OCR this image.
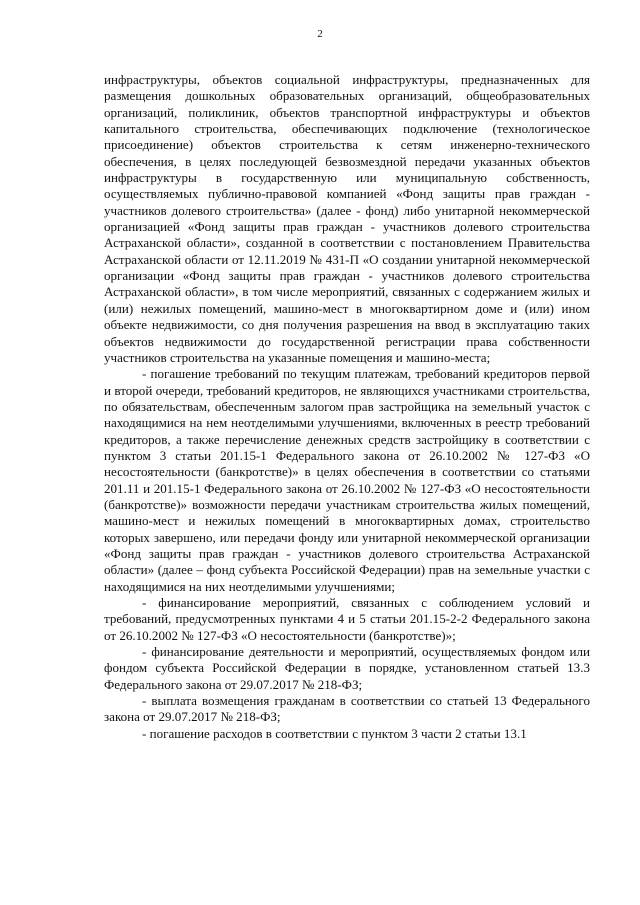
2

инфраструктуры, объектов социальной инфраструктуры, предназначенных для размещения дошкольных образовательных организаций, общеобразовательных организаций, поликлиник, объектов транспортной инфраструктуры и объектов капитального строительства, обеспечивающих подключение (технологическое присоединение) объектов строительства к сетям инженерно-технического обеспечения, в целях последующей безвозмездной передачи указанных объектов инфраструктуры в государственную или муниципальную собственность, осуществляемых публично-правовой компанией «Фонд защиты прав граждан - участников долевого строительства» (далее - фонд) либо унитарной некоммерческой организацией «Фонд защиты прав граждан - участников долевого строительства Астраханской области», созданной в соответствии с постановлением Правительства Астраханской области от 12.11.2019 № 431-П «О создании унитарной некоммерческой организации «Фонд защиты прав граждан - участников долевого строительства Астраханской области», в том числе мероприятий, связанных с содержанием жилых и (или) нежилых помещений, машино-мест в многоквартирном доме и (или) ином объекте недвижимости, со дня получения разрешения на ввод в эксплуатацию таких объектов недвижимости до государственной регистрации права собственности участников строительства на указанные помещения и машино-места;

- погашение требований по текущим платежам, требований кредиторов первой и второй очереди, требований кредиторов, не являющихся участниками строительства, по обязательствам, обеспеченным залогом прав застройщика на земельный участок с находящимися на нем неотделимыми улучшениями, включенных в реестр требований кредиторов, а также перечисление денежных средств застройщику в соответствии с пунктом 3 статьи 201.15-1 Федерального закона от 26.10.2002 № 127-ФЗ «О несостоятельности (банкротстве)» в целях обеспечения в соответствии со статьями 201.11 и 201.15-1 Федерального закона от 26.10.2002 № 127-ФЗ «О несостоятельности (банкротстве)» возможности передачи участникам строительства жилых помещений, машино-мест и нежилых помещений в многоквартирных домах, строительство которых завершено, или передачи фонду или унитарной некоммерческой организации «Фонд защиты прав граждан - участников долевого строительства Астраханской области» (далее – фонд субъекта Российской Федерации) прав на земельные участки с находящимися на них неотделимыми улучшениями;

- финансирование мероприятий, связанных с соблюдением условий и требований, предусмотренных пунктами 4 и 5 статьи 201.15-2-2 Федерального закона от 26.10.2002 № 127-ФЗ «О несостоятельности (банкротстве)»;

- финансирование деятельности и мероприятий, осуществляемых фондом или фондом субъекта Российской Федерации в порядке, установленном статьей 13.3 Федерального закона от 29.07.2017 № 218-ФЗ;

- выплата возмещения гражданам в соответствии со статьей 13 Федерального закона от 29.07.2017 № 218-ФЗ;

- погашение расходов в соответствии с пунктом 3 части 2 статьи 13.1
